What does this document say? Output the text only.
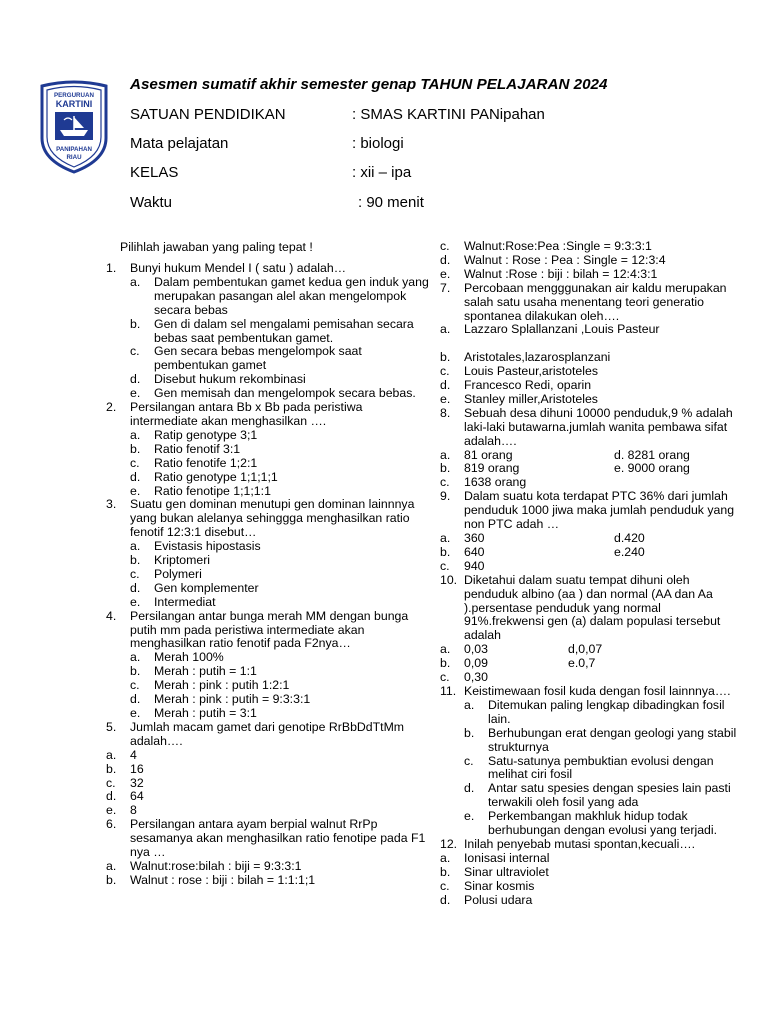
PERGURUAN
KARTINI
PANIPAHAN
RIAU
Asesmen sumatif akhir semester genap TAHUN PELAJARAN 2024
SATUAN PENDIDIKAN	: SMAS KARTINI PANipahan
Mata pelajatan	: biologi
KELAS	: xii – ipa
Waktu	: 90 menit
Pilihlah jawaban yang paling tepat !
1. Bunyi hukum Mendel I ( satu ) adalah…
a. Dalam pembentukan gamet kedua gen induk yang merupakan pasangan alel akan mengelompok secara bebas
b. Gen di dalam sel mengalami pemisahan secara bebas saat pembentukan gamet.
c. Gen secara bebas mengelompok saat pembentukan gamet
d. Disebut hukum rekombinasi
e. Gen memisah dan mengelompok secara bebas.
2. Persilangan antara Bb x Bb pada peristiwa intermediate akan menghasilkan ….
a. Ratip genotype 3;1
b. Ratio fenotif 3:1
c. Ratio fenotife 1;2:1
d. Ratio genotype 1;1;1;1
e. Ratio fenotipe 1;1;1:1
3. Suatu gen dominan menutupi gen dominan lainnnya yang bukan alelanya sehinggga menghasilkan ratio fenotif 12:3:1 disebut…
a. Evistasis hipostasis
b. Kriptomeri
c. Polymeri
d. Gen komplementer
e. Intermediat
4. Persilangan antar bunga merah MM dengan bunga putih mm pada peristiwa intermediate akan menghasilkan ratio fenotif pada F2nya…
a. Merah 100%
b. Merah : putih = 1:1
c. Merah : pink : putih 1:2:1
d. Merah : pink : putih = 9:3:3:1
e. Merah : putih = 3:1
5. Jumlah macam gamet dari genotipe RrBbDdTtMm adalah….
a. 4
b. 16
c. 32
d. 64
e. 8
6. Persilangan antara ayam berpial walnut RrPp sesamanya akan menghasilkan ratio fenotipe pada F1 nya …
a. Walnut:rose:bilah : biji = 9:3:3:1
b. Walnut : rose : biji : bilah = 1:1:1;1
c. Walnut:Rose:Pea :Single = 9:3:3:1
d. Walnut : Rose : Pea : Single = 12:3:4
e. Walnut :Rose : biji : bilah = 12:4:3:1
7. Percobaan mengggunakan air kaldu merupakan salah satu usaha menentang teori generatio spontanea dilakukan oleh….
a. Lazzaro Splallanzani ,Louis Pasteur
b. Aristotales,lazarosplanzani
c. Louis Pasteur,aristoteles
d. Francesco Redi, oparin
e. Stanley miller,Aristoteles
8. Sebuah desa dihuni 10000 penduduk,9 % adalah laki-laki butawarna.jumlah wanita pembawa sifat adalah….
a. 81 orang	d. 8281 orang
b. 819 orang	e. 9000 orang
c. 1638 orang
9. Dalam suatu kota terdapat PTC 36% dari jumlah penduduk 1000 jiwa maka jumlah penduduk yang non PTC adah …
a. 360	d.420
b. 640	e.240
c. 940
10. Diketahui dalam suatu tempat dihuni oleh penduduk albino (aa ) dan normal (AA dan Aa ).persentase penduduk yang normal 91%.frekwensi gen (a) dalam populasi tersebut adalah
a. 0,03	d,0,07
b. 0,09	e.0,7
c. 0,30
11. Keistimewaan fosil kuda dengan fosil lainnnya….
a. Ditemukan paling lengkap dibadingkan fosil lain.
b. Berhubungan erat dengan geologi yang stabil strukturnya
c. Satu-satunya pembuktian evolusi dengan melihat ciri fosil
d. Antar satu spesies dengan spesies lain pasti terwakili oleh fosil yang ada
e. Perkembangan makhluk hidup todak berhubungan dengan evolusi yang terjadi.
12. Inilah penyebab mutasi spontan,kecuali….
a. Ionisasi internal
b. Sinar ultraviolet
c. Sinar kosmis
d. Polusi udara
